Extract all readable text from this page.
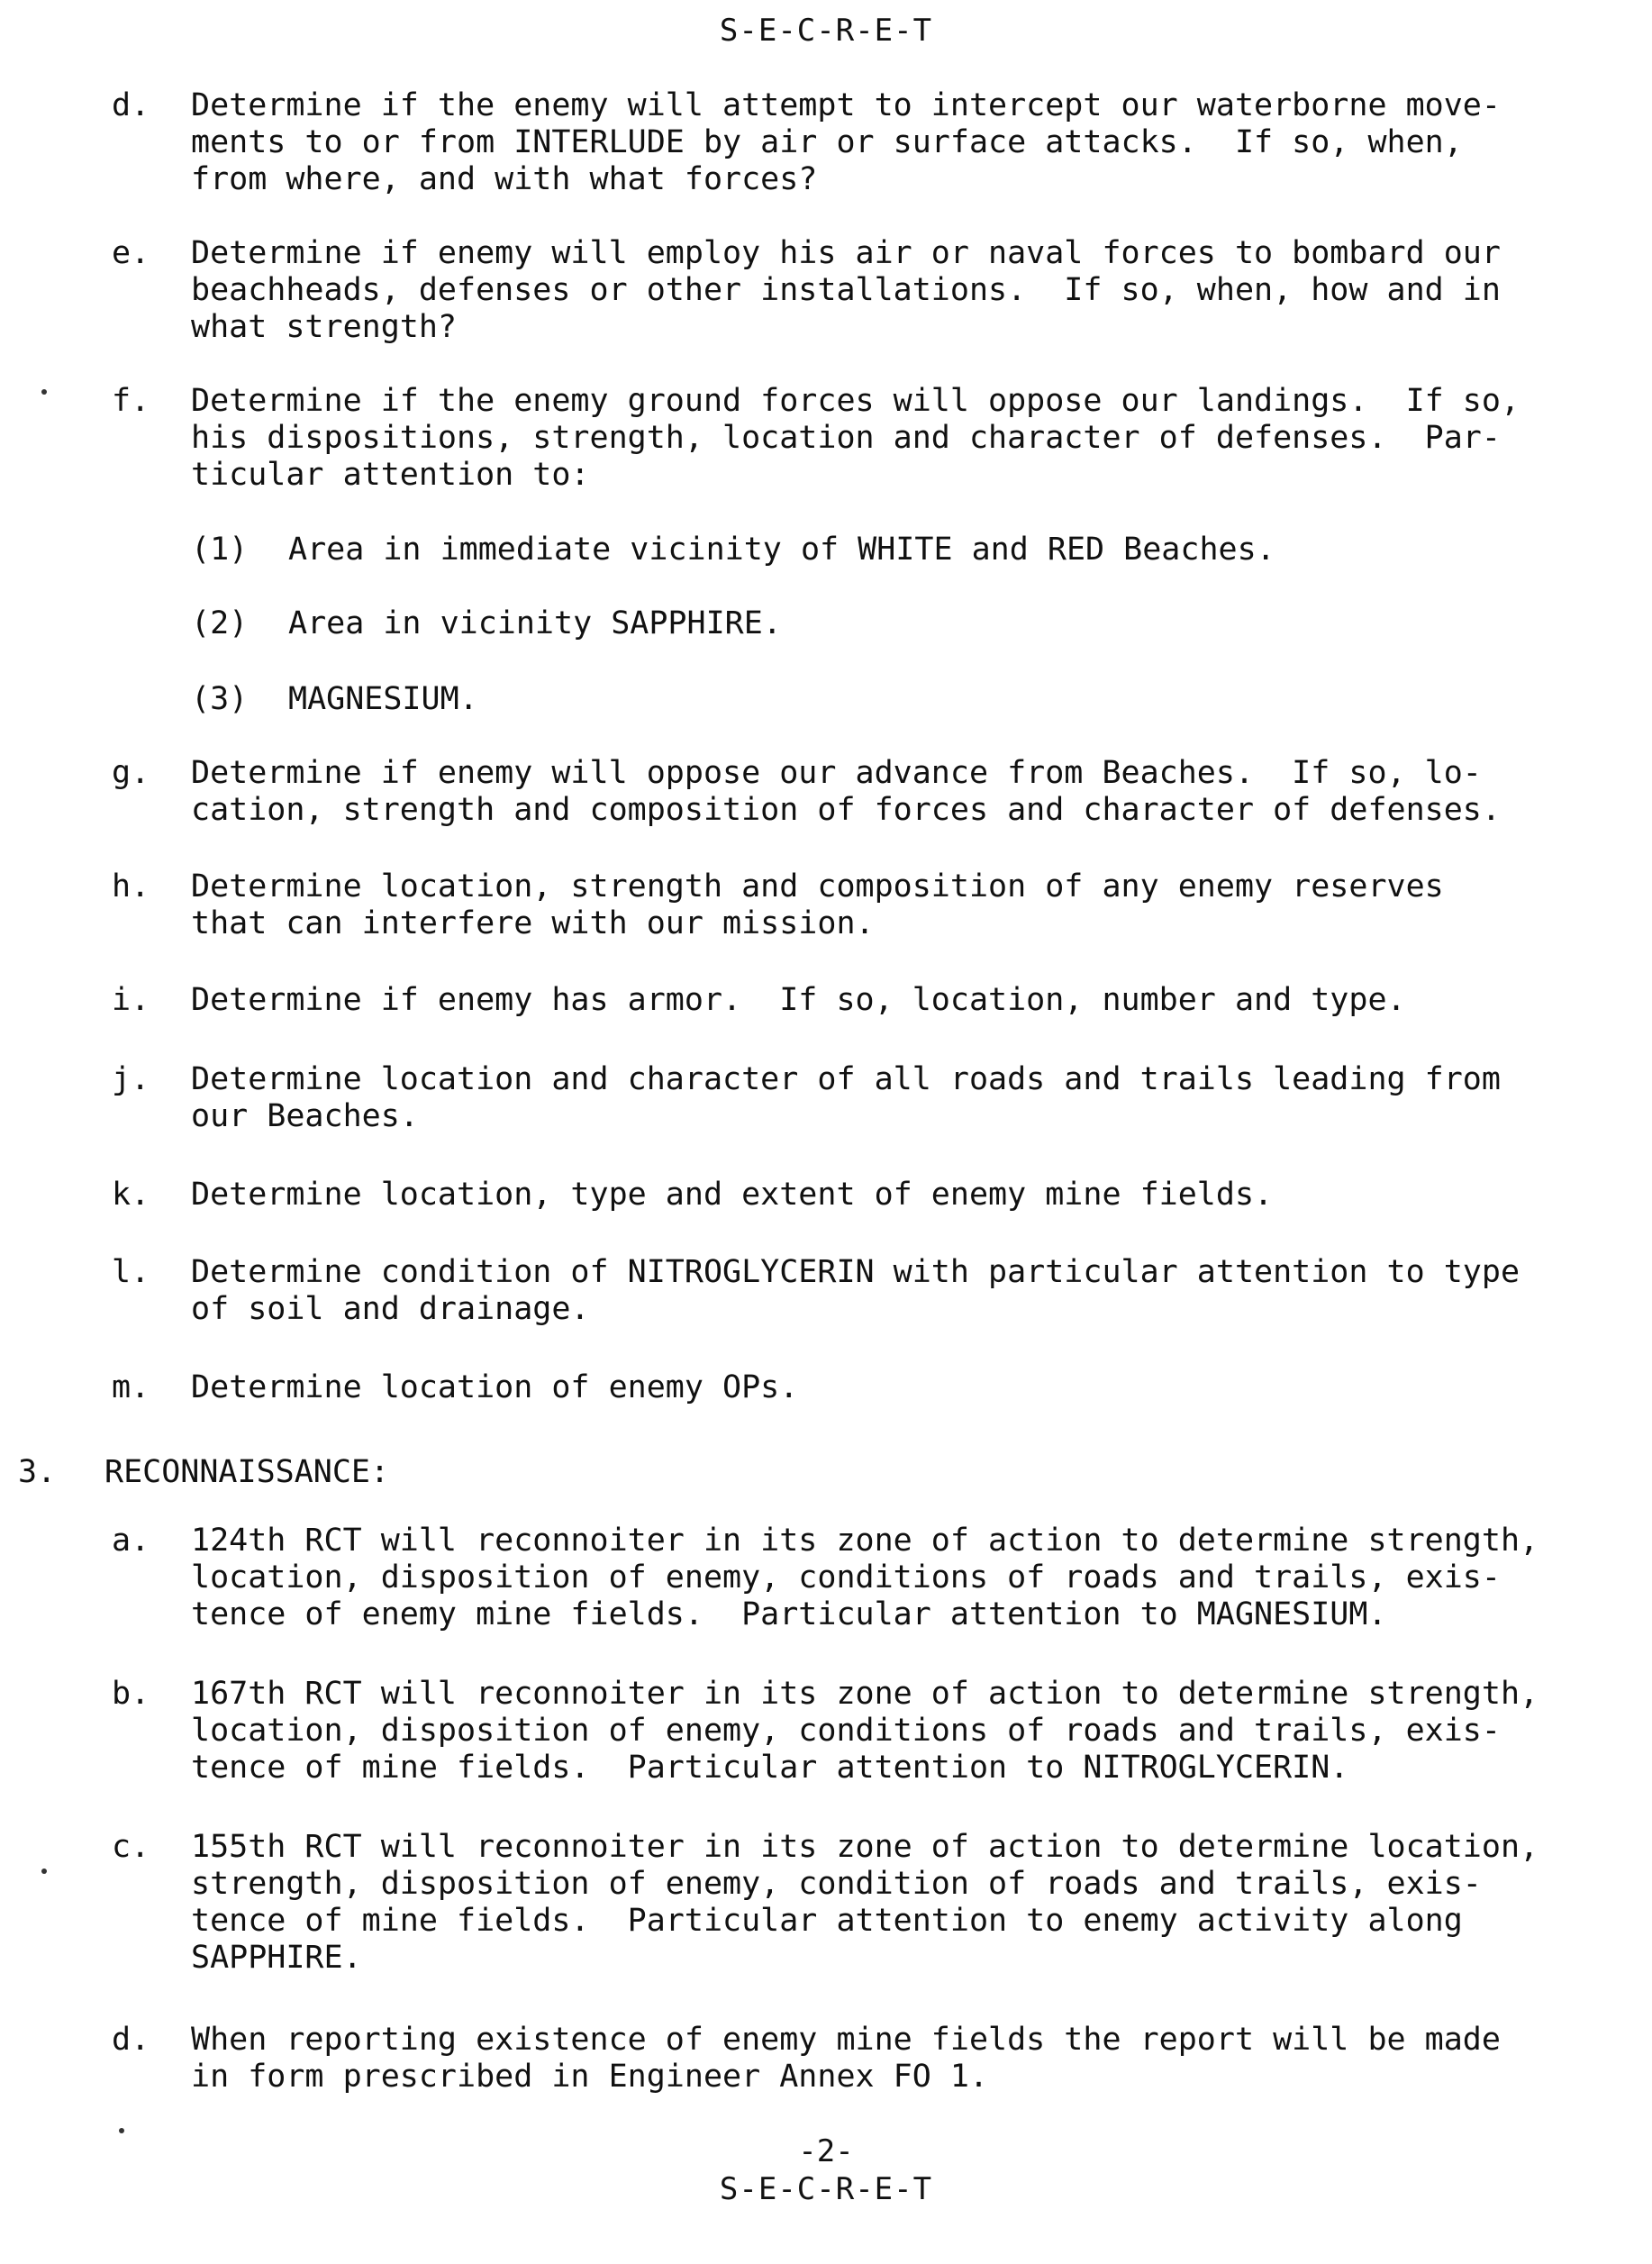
S-E-C-R-E-T
d. Determine if the enemy will attempt to intercept our waterborne move-
ments to or from INTERLUDE by air or surface attacks.  If so, when,
from where, and with what forces?
e. Determine if enemy will employ his air or naval forces to bombard our
beachheads, defenses or other installations.  If so, when, how and in
what strength?
f. Determine if the enemy ground forces will oppose our landings.  If so,
his dispositions, strength, location and character of defenses.  Par-
ticular attention to:
(1) Area in immediate vicinity of WHITE and RED Beaches.
(2) Area in vicinity SAPPHIRE.
(3) MAGNESIUM.
g. Determine if enemy will oppose our advance from Beaches.  If so, lo-
cation, strength and composition of forces and character of defenses.
h. Determine location, strength and composition of any enemy reserves
that can interfere with our mission.
i. Determine if enemy has armor.  If so, location, number and type.
j. Determine location and character of all roads and trails leading from
our Beaches.
k. Determine location, type and extent of enemy mine fields.
l. Determine condition of NITROGLYCERIN with particular attention to type
of soil and drainage.
m. Determine location of enemy OPs.
3. RECONNAISSANCE:
a. 124th RCT will reconnoiter in its zone of action to determine strength,
location, disposition of enemy, conditions of roads and trails, exis-
tence of enemy mine fields.  Particular attention to MAGNESIUM.
b. 167th RCT will reconnoiter in its zone of action to determine strength,
location, disposition of enemy, conditions of roads and trails, exis-
tence of mine fields.  Particular attention to NITROGLYCERIN.
c. 155th RCT will reconnoiter in its zone of action to determine location,
strength, disposition of enemy, condition of roads and trails, exis-
tence of mine fields.  Particular attention to enemy activity along
SAPPHIRE.
d. When reporting existence of enemy mine fields the report will be made
in form prescribed in Engineer Annex FO 1.
-2-
S-E-C-R-E-T
